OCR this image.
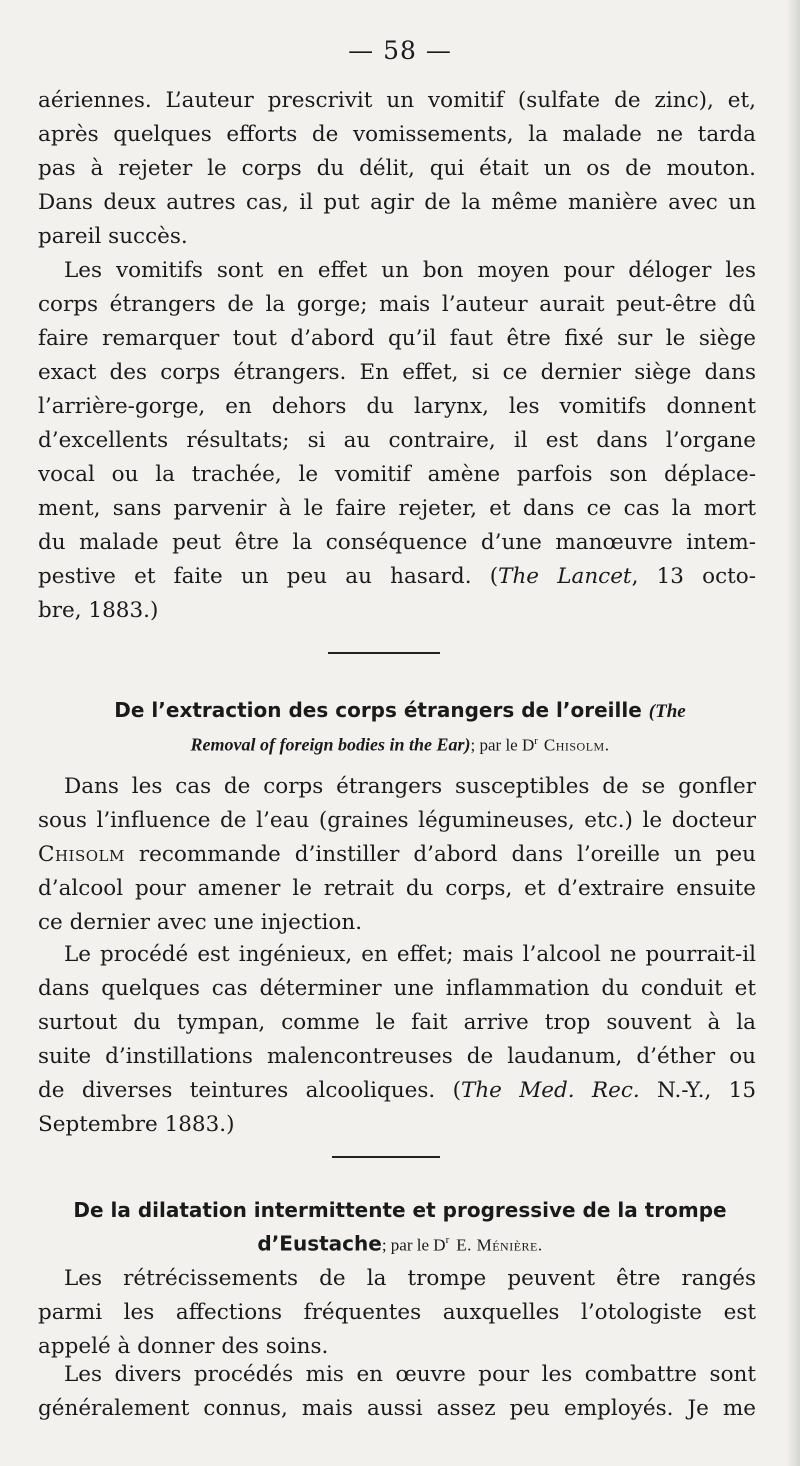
— 58 —
aériennes. L’auteur prescrivit un vomitif (sulfate de zinc), et,
après quelques efforts de vomissements, la malade ne tarda
pas à rejeter le corps du délit, qui était un os de mouton.
Dans deux autres cas, il put agir de la même manière avec un
pareil succès.
Les vomitifs sont en effet un bon moyen pour déloger les
corps étrangers de la gorge; mais l’auteur aurait peut-être dû
faire remarquer tout d’abord qu’il faut être fixé sur le siège
exact des corps étrangers. En effet, si ce dernier siège dans
l’arrière-gorge, en dehors du larynx, les vomitifs donnent
d’excellents résultats; si au contraire, il est dans l’organe
vocal ou la trachée, le vomitif amène parfois son déplace-
ment, sans parvenir à le faire rejeter, et dans ce cas la mort
du malade peut être la conséquence d’une manœuvre intem-
pestive et faite un peu au hasard. (The Lancet, 13 octo-
bre, 1883.)
De l’extraction des corps étrangers de l’oreille (The
Removal of foreign bodies in the Ear); par le $D^r$ Chisolm.
Dans les cas de corps étrangers susceptibles de se gonfler
sous l’influence de l’eau (graines légumineuses, etc.) le docteur
Chisolm recommande d’instiller d’abord dans l’oreille un peu
d’alcool pour amener le retrait du corps, et d’extraire ensuite
ce dernier avec une injection.
Le procédé est ingénieux, en effet; mais l’alcool ne pourrait-il
dans quelques cas déterminer une inflammation du conduit et
surtout du tympan, comme le fait arrive trop souvent à la
suite d’instillations malencontreuses de laudanum, d’éther ou
de diverses teintures alcooliques. (The Med. Rec. N.-Y., 15
Septembre 1883.)
De la dilatation intermittente et progressive de la trompe
d’Eustache; par le $D^r$ E. Ménière.
Les rétrécissements de la trompe peuvent être rangés
parmi les affections fréquentes auxquelles l’otologiste est
appelé à donner des soins.
Les divers procédés mis en œuvre pour les combattre sont
généralement connus, mais aussi assez peu employés. Je me
